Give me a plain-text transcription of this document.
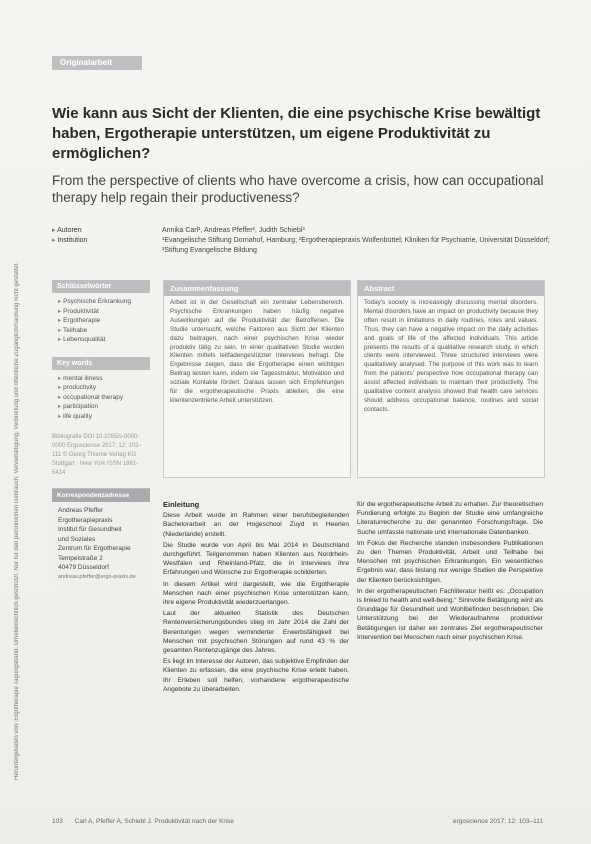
Heruntergeladen von: Ergotherapie Tagungsband. Urheberrechtlich geschützt. Nur für den persönlichen Gebrauch. Vervielfältigung, Verbreitung und öffentliche Zugänglichmachung nicht gestattet.
Originalarbeit
Wie kann aus Sicht der Klienten, die eine psychische Krise bewältigt haben, Ergotherapie unterstützen, um eigene Produktivität zu ermöglichen?
From the perspective of clients who have overcome a crisis, how can occupational therapy help regain their productiveness?
▸ Autoren	Annika Carl¹, Andreas Pfeffer², Judith Schiebl³
▸ Institution	¹Evangelische Stiftung Dornahof, Hamburg; ²Ergotherapiepraxis Wolfenbüttel; Kliniken für Psychiatrie, Universität Düsseldorf; ³Stiftung Evangelische Bildung
Schlüsselwörter
▸ Psychische Erkrankung
▸ Produktivität
▸ Ergotherapie
▸ Teilhabe
▸ Lebensqualität
Key words
▸ mental illness
▸ productivity
▸ occupational therapy
▸ participation
▸ life quality
Bibliografie DOI 10.1055/s-0000-0000 Ergoscience 2017; 12: 103–111 © Georg Thieme Verlag KG Stuttgart · New York ISSN 1861-5414
Korrespondenzadresse
Andreas Pfeffer
Ergotherapiepraxis
Institut für Gesundheit
und Soziales
Zentrum für Ergotherapie
Tempelstraße 2
40479 Düsseldorf
andreas.pfeffer@ergo-praxis.de
Zusammenfassung
Arbeit ist in der Gesellschaft ein zentraler Lebensbereich. Psychische Erkrankungen haben häufig negative Auswirkungen auf die Produktivität der Betroffenen. Die Studie untersucht, welche Faktoren aus Sicht der Klienten dazu beitragen, nach einer psychischen Krise wieder produktiv tätig zu sein. In einer qualitativen Studie wurden Klienten mittels leitfadengestützter Interviews befragt. Die Ergebnisse zeigen, dass die Ergotherapie einen wichtigen Beitrag leisten kann, indem sie Tagesstruktur, Motivation und soziale Kontakte fördert. Daraus lassen sich Empfehlungen für die ergotherapeutische Praxis ableiten, die eine klientenzentrierte Arbeit unterstützen.
Abstract
Today's society is increasingly discussing mental disorders. Mental disorders have an impact on productivity because they often result in limitations in daily routines, roles and values. Thus, they can have a negative impact on the daily activities and goals of life of the affected individuals. This article presents the results of a qualitative research study, in which clients were interviewed. Three structured interviews were qualitatively analysed. The purpose of this work was to learn from the patients' perspective how occupational therapy can assist affected individuals to maintain their productivity. The qualitative content analysis showed that health care services should address occupational balance, routines and social contacts.
Einleitung

Diese Arbeit wurde im Rahmen einer berufsbegleitenden Bachelorarbeit an der Hogeschool Zuyd in Heerlen (Niederlande) erstellt.

Die Studie wurde von April bis Mai 2014 in Deutschland durchgeführt. Teilgenommen haben Klienten aus Nordrhein-Westfalen und Rheinland-Pfalz, die in Interviews ihre Erfahrungen und Wünsche zur Ergotherapie schilderten.

In diesem Artikel wird dargestellt, wie die Ergotherapie Menschen nach einer psychischen Krise unterstützen kann, ihre eigene Produktivität wiederzuerlangen.

Laut der aktuellen Statistik des Deutschen Rentenversicherungsbundes stieg im Jahr 2014 die Zahl der Berentungen wegen verminderter Erwerbsfähigkeit bei Menschen mit psychischen Störungen auf rund 43 % der gesamten Rentenzugänge des Jahres.

Es liegt im Interesse der Autoren, das subjektive Empfinden der Klienten zu erfassen, die eine psychische Krise erlebt haben. Ihr Erleben soll helfen, vorhandene ergotherapeutische Angebote zu überarbeiten.

für die ergotherapeutische Arbeit zu erhalten. Zur theoretischen Fundierung erfolgte zu Beginn der Studie eine umfangreiche Literaturrecherche zu der genannten Forschungsfrage. Die Suche umfasste nationale und internationale Datenbanken.

Im Fokus der Recherche standen insbesondere Publikationen zu den Themen Produktivität, Arbeit und Teilhabe bei Menschen mit psychischen Erkrankungen. Ein wesentliches Ergebnis war, dass bislang nur wenige Studien die Perspektive der Klienten berücksichtigen.

In der ergotherapeutischen Fachliteratur heißt es: „Occupation is linked to health and well-being.“ Sinnvolle Betätigung wird als Grundlage für Gesundheit und Wohlbefinden beschrieben. Die Unterstützung bei der Wiederaufnahme produktiver Betätigungen ist daher ein zentrales Ziel ergotherapeutischer Intervention bei Menschen nach einer psychischen Krise.

103 Carl A, Pfeffer A, Schiebl J. Produktivität nach der Krise	ergoscience 2017; 12: 103–111
